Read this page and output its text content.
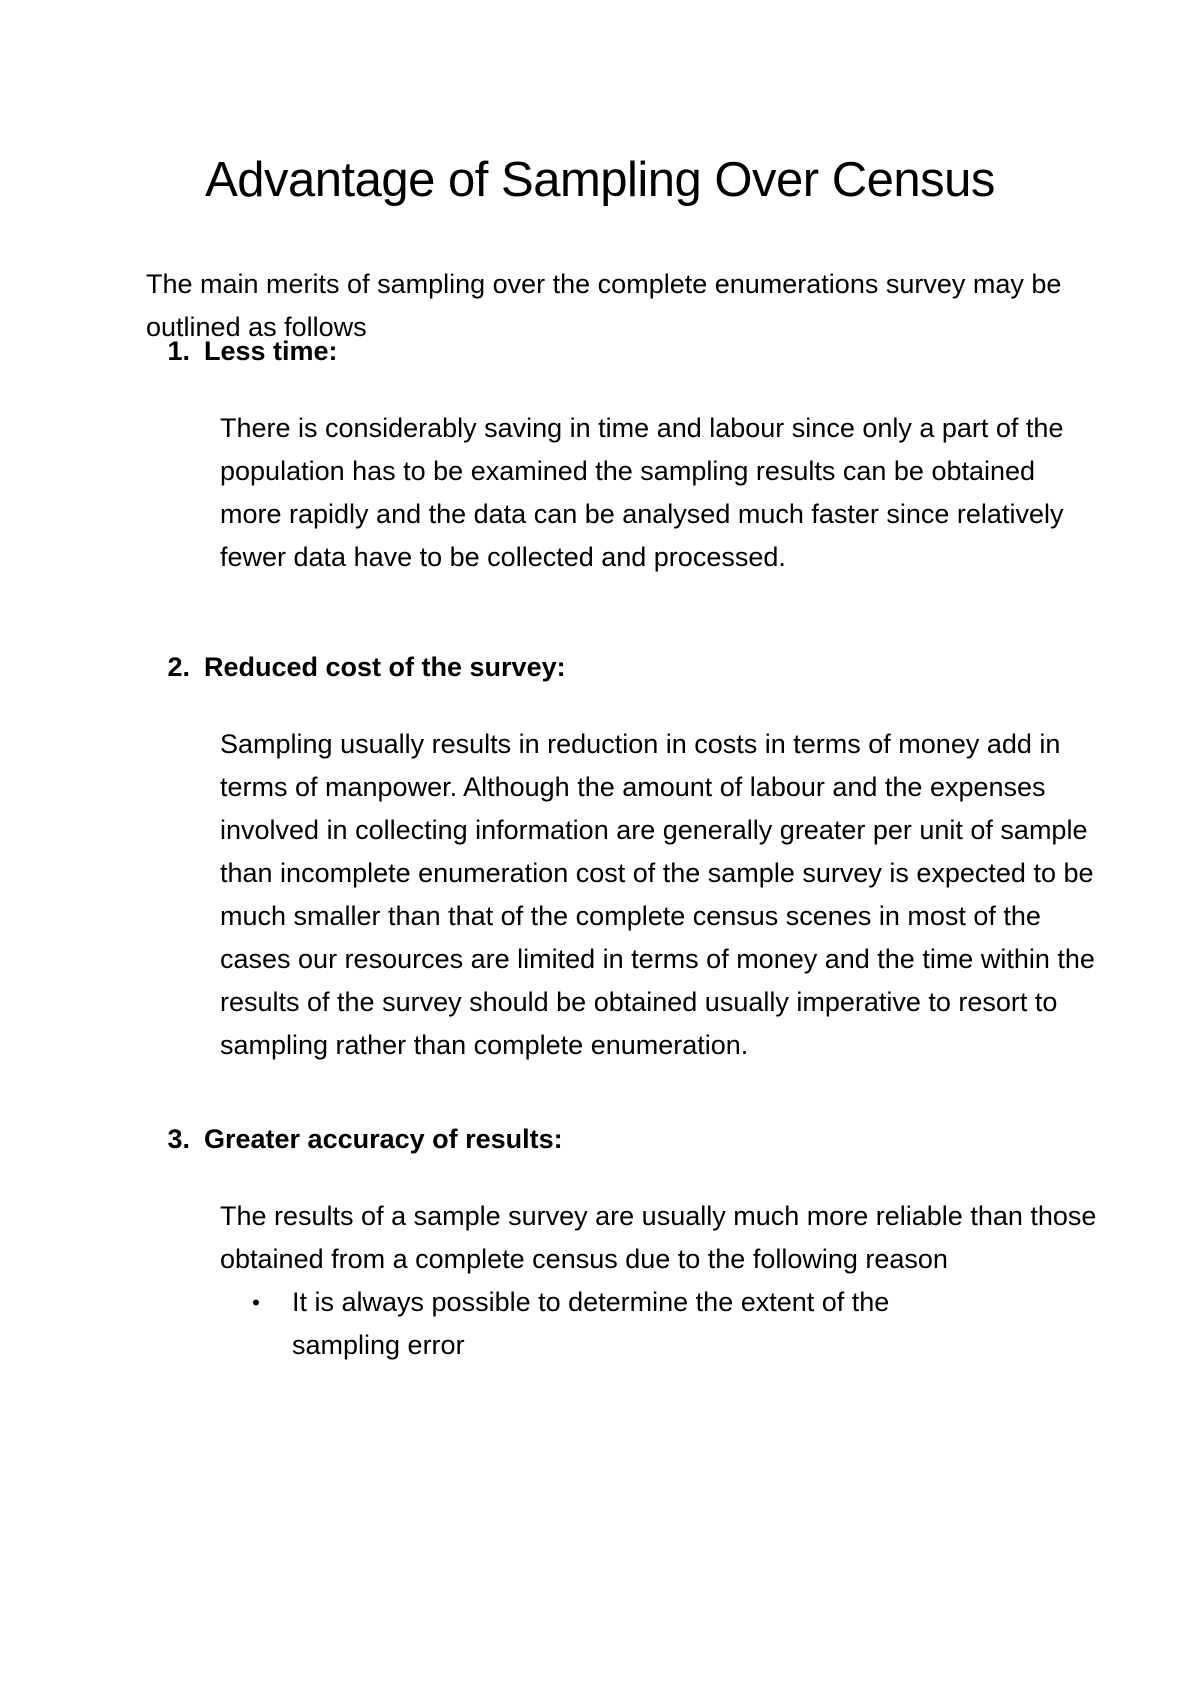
Advantage of Sampling Over Census

The main merits of sampling over the complete enumerations survey may be outlined as follows

1. Less time:

There is considerably saving in time and labour since only a part of the population has to be examined the sampling results can be obtained more rapidly and the data can be analysed much faster since relatively fewer data have to be collected and processed.

2. Reduced cost of the survey:

Sampling usually results in reduction in costs in terms of money add in terms of manpower. Although the amount of labour and the expenses involved in collecting information are generally greater per unit of sample than incomplete enumeration cost of the sample survey is expected to be much smaller than that of the complete census scenes in most of the cases our resources are limited in terms of money and the time within the results of the survey should be obtained usually imperative to resort to sampling rather than complete enumeration.

3. Greater accuracy of results:

The results of a sample survey are usually much more reliable than those obtained from a complete census due to the following reason

•	It is always possible to determine the extent of the sampling error
